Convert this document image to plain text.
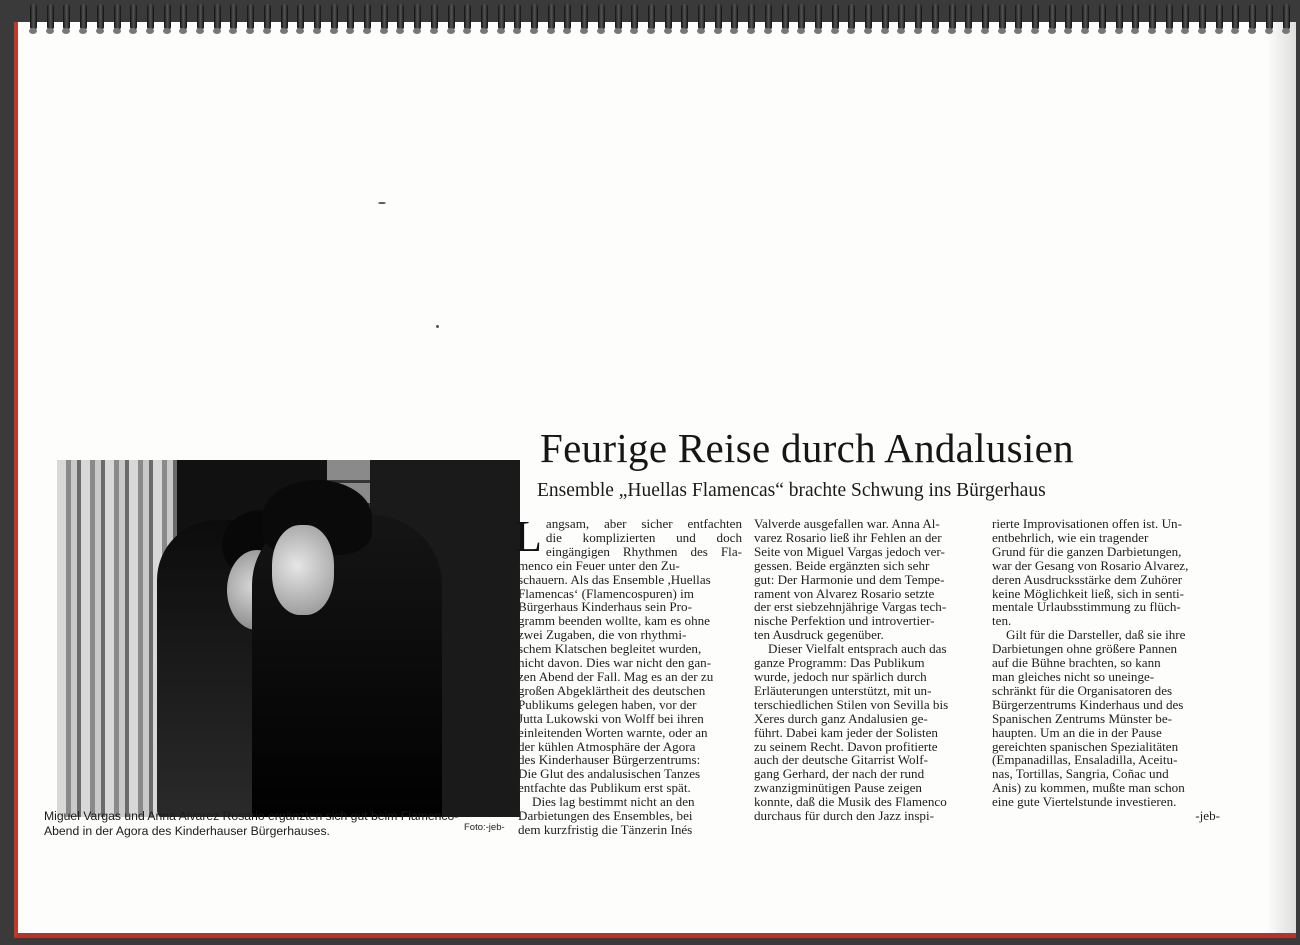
Miguel Vargas und Anna Alvarez Rosario ergänzten sich gut beim Flamenco-
Abend in der Agora des Kinderhauser Bürgerhauses.	Foto:-jeb-
Feurige Reise durch Andalusien
Ensemble „Huellas Flamencas“ brachte Schwung ins Bürgerhaus
L angsam, aber sicher entfachten
die komplizierten und doch
eingängigen Rhythmen des Fla-

menco ein Feuer unter den Zu-
schauern. Als das Ensemble ,Huellas
Flamencas‘ (Flamencospuren) im
Bürgerhaus Kinderhaus sein Pro-
gramm beenden wollte, kam es ohne
zwei Zugaben, die von rhythmi-
schem Klatschen begleitet wurden,
nicht davon. Dies war nicht den gan-
zen Abend der Fall. Mag es an der zu
großen Abgeklärtheit des deutschen
Publikums gelegen haben, vor der
Jutta Lukowski von Wolff bei ihren
einleitenden Worten warnte, oder an
der kühlen Atmosphäre der Agora
des Kinderhauser Bürgerzentrums:
Die Glut des andalusischen Tanzes
entfachte das Publikum erst spät.

Dies lag bestimmt nicht an den
Darbietungen des Ensembles, bei
dem kurzfristig die Tänzerin Inés

Valverde ausgefallen war. Anna Al-
varez Rosario ließ ihr Fehlen an der
Seite von Miguel Vargas jedoch ver-
gessen. Beide ergänzten sich sehr
gut: Der Harmonie und dem Tempe-
rament von Alvarez Rosario setzte
der erst siebzehnjährige Vargas tech-
nische Perfektion und introvertier-
ten Ausdruck gegenüber.

Dieser Vielfalt entsprach auch das
ganze Programm: Das Publikum
wurde, jedoch nur spärlich durch
Erläuterungen unterstützt, mit un-
terschiedlichen Stilen von Sevilla bis
Xeres durch ganz Andalusien ge-
führt. Dabei kam jeder der Solisten
zu seinem Recht. Davon profitierte
auch der deutsche Gitarrist Wolf-
gang Gerhard, der nach der rund
zwanzigminütigen Pause zeigen
konnte, daß die Musik des Flamenco
durchaus für durch den Jazz inspi-

rierte Improvisationen offen ist. Un-
entbehrlich, wie ein tragender
Grund für die ganzen Darbietungen,
war der Gesang von Rosario Alvarez,
deren Ausdrucksstärke dem Zuhörer
keine Möglichkeit ließ, sich in senti-
mentale Urlaubsstimmung zu flüch-
ten.

Gilt für die Darsteller, daß sie ihre
Darbietungen ohne größere Pannen
auf die Bühne brachten, so kann
man gleiches nicht so uneinge-
schränkt für die Organisatoren des
Bürgerzentrums Kinderhaus und des
Spanischen Zentrums Münster be-
haupten. Um an die in der Pause
gereichten spanischen Spezialitäten
(Empanadillas, Ensaladilla, Aceitu-
nas, Tortillas, Sangria, Coñac und
Anis) zu kommen, mußte man schon
eine gute Viertelstunde investieren.

-jeb-
